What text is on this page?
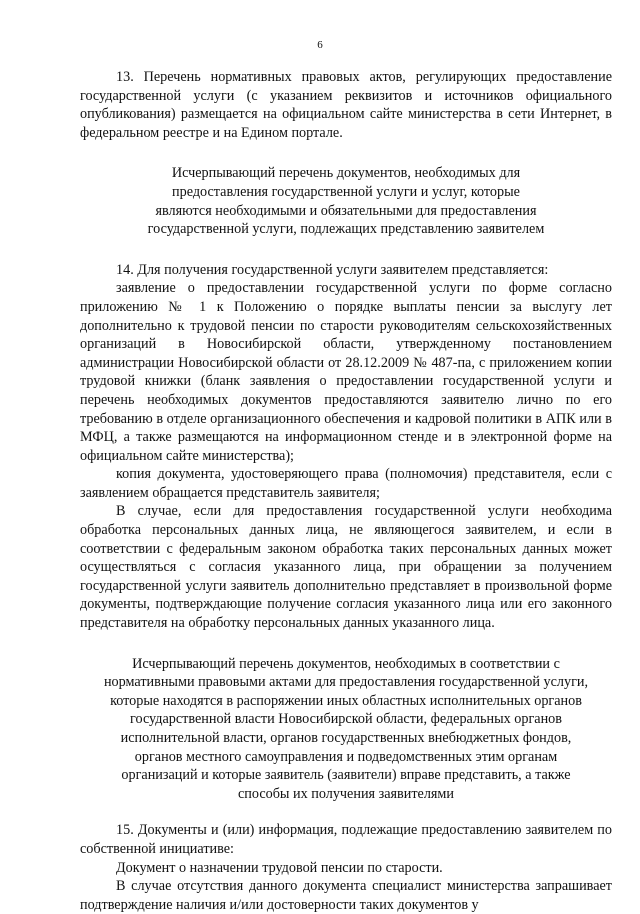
6

13. Перечень нормативных правовых актов, регулирующих предоставление государственной услуги (с указанием реквизитов и источников официального опубликования) размещается на официальном сайте министерства в сети Интернет, в федеральном реестре и на Едином портале.

Исчерпывающий перечень документов, необходимых для
предоставления государственной услуги и услуг, которые
являются необходимыми и обязательными для предоставления
государственной услуги, подлежащих представлению заявителем

14. Для получения государственной услуги заявителем представляется:

заявление о предоставлении государственной услуги по форме согласно приложению № 1 к Положению о порядке выплаты пенсии за выслугу лет дополнительно к трудовой пенсии по старости руководителям сельскохозяйственных организаций в Новосибирской области, утвержденному постановлением администрации Новосибирской области от 28.12.2009 № 487-па, с приложением копии трудовой книжки (бланк заявления о предоставлении государственной услуги и перечень необходимых документов предоставляются заявителю лично по его требованию в отделе организационного обеспечения и кадровой политики в АПК или в МФЦ, а также размещаются на информационном стенде и в электронной форме на официальном сайте министерства);

копия документа, удостоверяющего права (полномочия) представителя, если с заявлением обращается представитель заявителя;

В случае, если для предоставления государственной услуги необходима обработка персональных данных лица, не являющегося заявителем, и если в соответствии с федеральным законом обработка таких персональных данных может осуществляться с согласия указанного лица, при обращении за получением государственной услуги заявитель дополнительно представляет в произвольной форме документы, подтверждающие получение согласия указанного лица или его законного представителя на обработку персональных данных указанного лица.

Исчерпывающий перечень документов, необходимых в соответствии с
нормативными правовыми актами для предоставления государственной услуги,
которые находятся в распоряжении иных областных исполнительных органов
государственной власти Новосибирской области, федеральных органов
исполнительной власти, органов государственных внебюджетных фондов,
органов местного самоуправления и подведомственных этим органам
организаций и которые заявитель (заявители) вправе представить, а также
способы их получения заявителями

15. Документы и (или) информация, подлежащие предоставлению заявителем по собственной инициативе:

Документ о назначении трудовой пенсии по старости.

В случае отсутствия данного документа специалист министерства запрашивает подтверждение наличия и/или достоверности таких документов у
